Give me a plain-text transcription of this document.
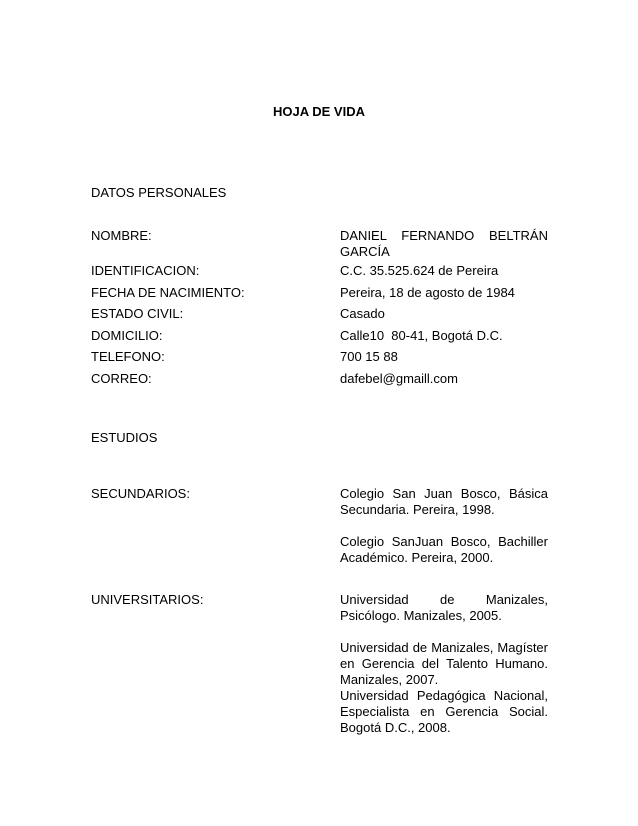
HOJA DE VIDA
DATOS PERSONALES
NOMBRE:	DANIEL FERNANDO BELTRÁN GARCÍA

IDENTIFICACION:	C.C. 35.525.624 de Pereira
FECHA DE NACIMIENTO:	Pereira, 18 de agosto de 1984
ESTADO CIVIL:	Casado
DOMICILIO:	Calle10  80-41, Bogotá D.C.
TELEFONO:	700 15 88
CORREO:	dafebel@gmaill.com
ESTUDIOS
SECUNDARIOS:	Colegio San Juan Bosco, Básica Secundaria. Pereira, 1998.

Colegio SanJuan Bosco, Bachiller Académico. Pereira, 2000.

UNIVERSITARIOS:	Universidad de Manizales, Psicólogo. Manizales, 2005.

Universidad de Manizales, Magíster en Gerencia del Talento Humano. Manizales, 2007.

Universidad Pedagógica Nacional, Especialista en Gerencia Social. Bogotá D.C., 2008.
